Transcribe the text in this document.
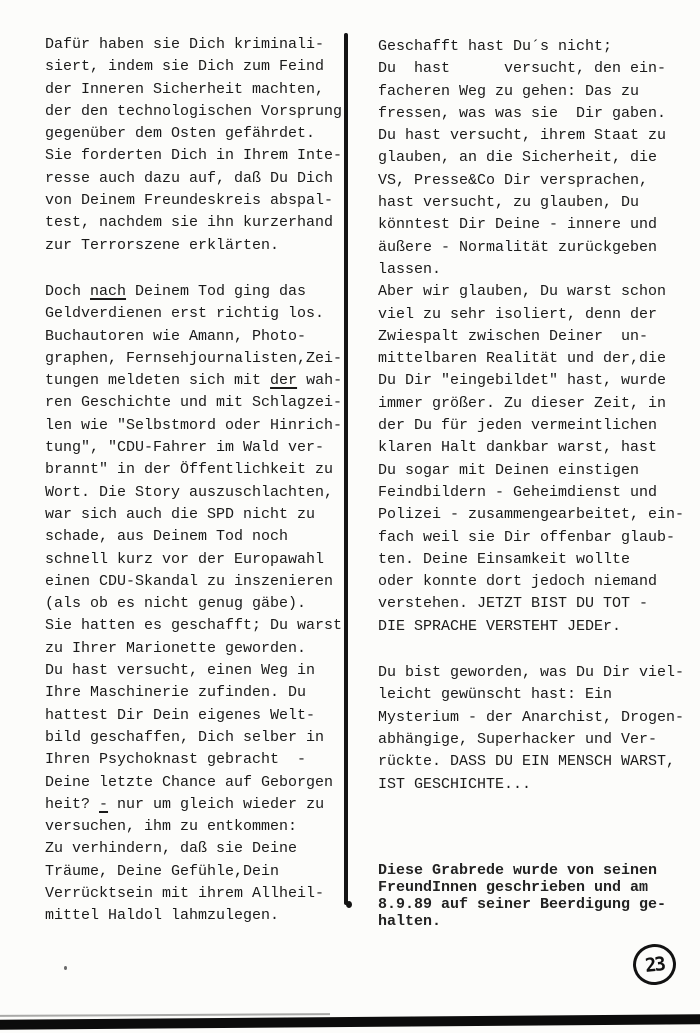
Dafür haben sie Dich kriminali-
siert, indem sie Dich zum Feind
der Inneren Sicherheit machten,
der den technologischen Vorsprung
gegenüber dem Osten gefährdet.
Sie forderten Dich in Ihrem Inte-
resse auch dazu auf, daß Du Dich
von Deinem Freundeskreis abspal-
test, nachdem sie ihn kurzerhand
zur Terrorszene erklärten.
Doch nach Deinem Tod ging das
Geldverdienen erst richtig los.
Buchautoren wie Amann, Photo-
graphen, Fernsehjournalisten,Zei-
tungen meldeten sich mit der wah-
ren Geschichte und mit Schlagzei-
len wie "Selbstmord oder Hinrich-
tung", "CDU-Fahrer im Wald ver-
brannt" in der Öffentlichkeit zu
Wort. Die Story auszuschlachten,
war sich auch die SPD nicht zu
schade, aus Deinem Tod noch
schnell kurz vor der Europawahl
einen CDU-Skandal zu inszenieren
(als ob es nicht genug gäbe).
Sie hatten es geschafft; Du warst
zu Ihrer Marionette geworden.
Du hast versucht, einen Weg in
Ihre Maschinerie zufinden. Du
hattest Dir Dein eigenes Welt-
bild geschaffen, Dich selber in
Ihren Psychoknast gebracht  -
Deine letzte Chance auf Geborgen
heit? - nur um gleich wieder zu
versuchen, ihm zu entkommen:
Zu verhindern, daß sie Deine
Träume, Deine Gefühle,Dein
Verrücktsein mit ihrem Allheil-
mittel Haldol lahmzulegen.
Geschafft hast Du´s nicht;
Du  hast      versucht, den ein-
facheren Weg zu gehen: Das zu
fressen, was was sie  Dir gaben.
Du hast versucht, ihrem Staat zu
glauben, an die Sicherheit, die
VS, Presse&Co Dir versprachen,
hast versucht, zu glauben, Du
könntest Dir Deine - innere und
äußere - Normalität zurückgeben
lassen.
Aber wir glauben, Du warst schon
viel zu sehr isoliert, denn der
Zwiespalt zwischen Deiner  un-
mittelbaren Realität und der,die
Du Dir "eingebildet" hast, wurde
immer größer. Zu dieser Zeit, in
der Du für jeden vermeintlichen
klaren Halt dankbar warst, hast
Du sogar mit Deinen einstigen
Feindbildern - Geheimdienst und
Polizei - zusammengearbeitet, ein-
fach weil sie Dir offenbar glaub-
ten. Deine Einsamkeit wollte
oder konnte dort jedoch niemand
verstehen. JETZT BIST DU TOT -
DIE SPRACHE VERSTEHT JEDEr.
Du bist geworden, was Du Dir viel-
leicht gewünscht hast: Ein
Mysterium - der Anarchist, Drogen-
abhängige, Superhacker und Ver-
rückte. DASS DU EIN MENSCH WARST,
IST GESCHICHTE...
Diese Grabrede wurde von seinen
FreundInnen geschrieben und am
8.9.89 auf seiner Beerdigung ge-
halten.
23
